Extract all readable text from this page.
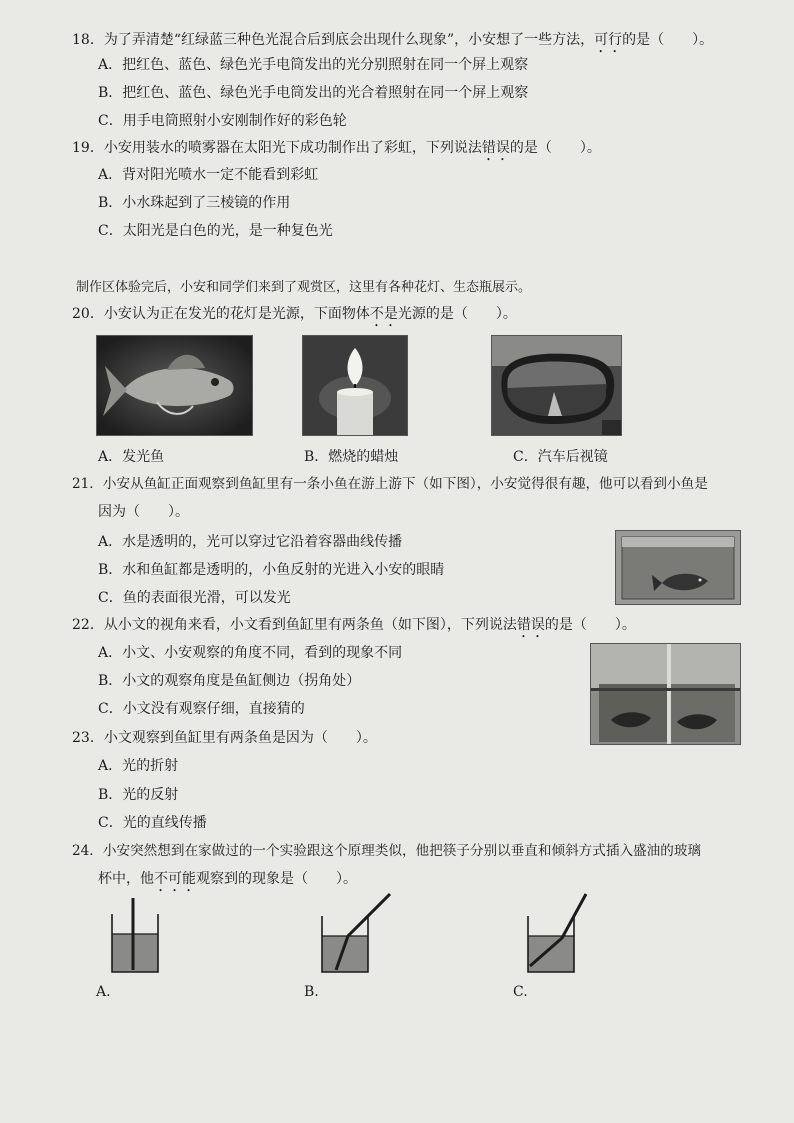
18．为了弄清楚“红绿蓝三种色光混合后到底会出现什么现象”，小安想了一些方法，可行的是（　　）。
A．把红色、蓝色、绿色光手电筒发出的光分别照射在同一个屏上观察
B．把红色、蓝色、绿色光手电筒发出的光合着照射在同一个屏上观察
C．用手电筒照射小安刚制作好的彩色轮
19．小安用装水的喷雾器在太阳光下成功制作出了彩虹，下列说法错误的是（　　）。
A．背对阳光喷水一定不能看到彩虹
B．小水珠起到了三棱镜的作用
C．太阳光是白色的光，是一种复色光
制作区体验完后，小安和同学们来到了观赏区，这里有各种花灯、生态瓶展示。
20．小安认为正在发光的花灯是光源，下面物体不是光源的是（　　）。
A．发光鱼	B．燃烧的蜡烛	C．汽车后视镜
21．小安从鱼缸正面观察到鱼缸里有一条小鱼在游上游下（如下图），小安觉得很有趣，他可以看到小鱼是
因为（　　）。
A．水是透明的，光可以穿过它沿着容器曲线传播
B．水和鱼缸都是透明的，小鱼反射的光进入小安的眼睛
C．鱼的表面很光滑，可以发光
22．从小文的视角来看，小文看到鱼缸里有两条鱼（如下图），下列说法错误的是（　　）。
A．小文、小安观察的角度不同，看到的现象不同
B．小文的观察角度是鱼缸侧边（拐角处）
C．小文没有观察仔细，直接猜的
23．小文观察到鱼缸里有两条鱼是因为（　　）。
A．光的折射
B．光的反射
C．光的直线传播
24．小安突然想到在家做过的一个实验跟这个原理类似，他把筷子分别以垂直和倾斜方式插入盛油的玻璃
杯中，他不可能观察到的现象是（　　）。
A.	B.	C.
